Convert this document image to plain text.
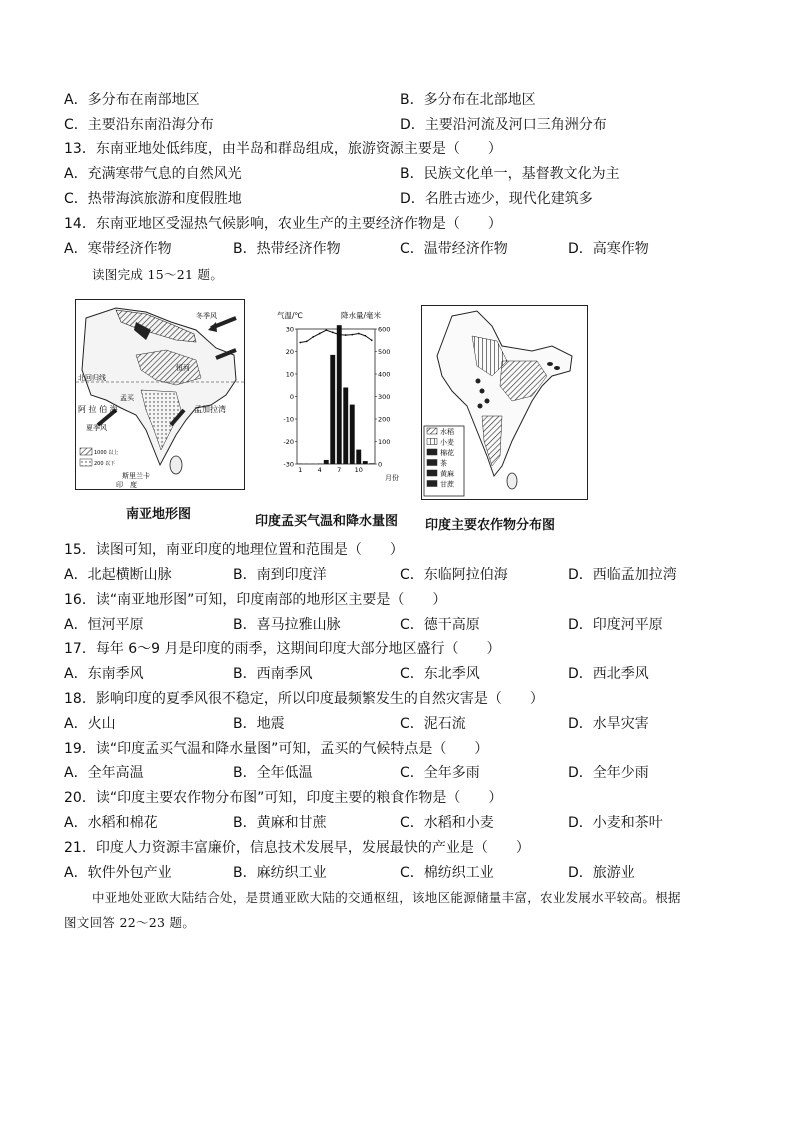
A．多分布在南部地区	B．多分布在北部地区
C．主要沿东南沿海分布	D．主要沿河流及河口三角洲分布
13．东南亚地处低纬度，由半岛和群岛组成，旅游资源主要是（　　）
A．充满寒带气息的自然风光	B．民族文化单一，基督教文化为主
C．热带海滨旅游和度假胜地	D．名胜古迹少，现代化建筑多
14．东南亚地区受湿热气候影响，农业生产的主要经济作物是（　　）
A．寒带经济作物	B．热带经济作物	C．温带经济作物	D．高寒作物
读图完成 15～21 题。
冬季风
北回归线
阿 拉 伯 海
夏季风
孟买
孟加拉湾
恒河
1000 以上
200 以下
斯里兰卡
印　度
南亚地形图
气温/℃	降水量/毫米
30
20
10
0
-10
-20
-30
600
500
400
300
200
100
0
1 4 7 10
月份
印度孟买气温和降水量图
水稻
小麦
棉花
茶
黄麻
甘蔗
印度主要农作物分布图
15．读图可知，南亚印度的地理位置和范围是（　　）
A．北起横断山脉	B．南到印度洋	C．东临阿拉伯海	D．西临孟加拉湾
16．读“南亚地形图”可知，印度南部的地形区主要是（　　）
A．恒河平原	B．喜马拉雅山脉	C．德干高原	D．印度河平原
17．每年 6～9 月是印度的雨季，这期间印度大部分地区盛行（　　）
A．东南季风	B．西南季风	C．东北季风	D．西北季风
18．影响印度的夏季风很不稳定，所以印度最频繁发生的自然灾害是（　　）
A．火山	B．地震	C．泥石流	D．水旱灾害
19．读“印度孟买气温和降水量图”可知，孟买的气候特点是（　　）
A．全年高温	B．全年低温	C．全年多雨	D．全年少雨
20．读“印度主要农作物分布图”可知，印度主要的粮食作物是（　　）
A．水稻和棉花	B．黄麻和甘蔗	C．水稻和小麦	D．小麦和茶叶
21．印度人力资源丰富廉价，信息技术发展早，发展最快的产业是（　　）
A．软件外包产业	B．麻纺织工业	C．棉纺织工业	D．旅游业
中亚地处亚欧大陆结合处，是贯通亚欧大陆的交通枢纽，该地区能源储量丰富，农业发展水平较高。根据
图文回答 22～23 题。
